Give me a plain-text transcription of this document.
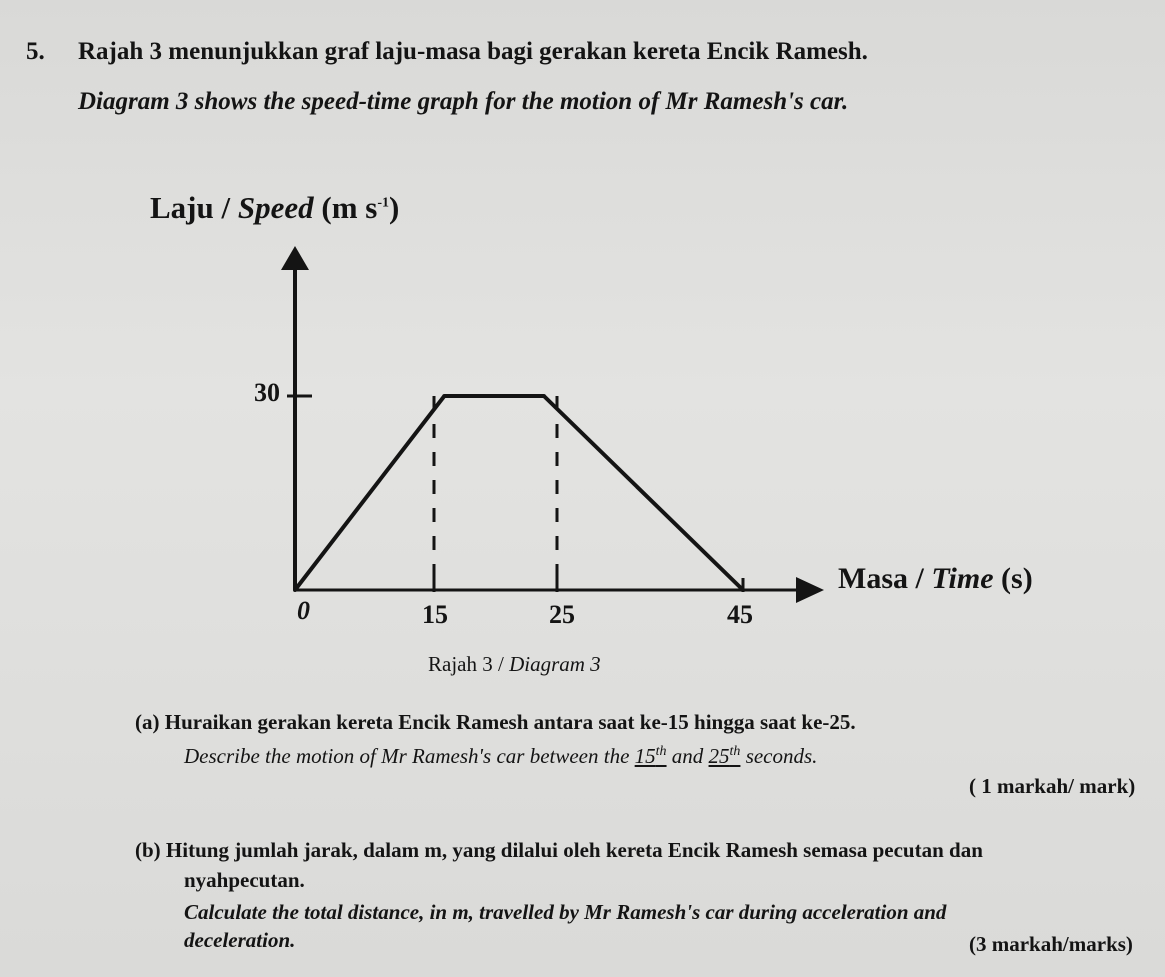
5. Rajah 3 menunjukkan graf laju-masa bagi gerakan kereta Encik Ramesh.
Diagram 3 shows the speed-time graph for the motion of Mr Ramesh's car.
Laju / Speed (m $s^{-1}$)
30
0	15	25	45
Masa / Time (s)
Rajah 3 / Diagram 3
(a) Huraikan gerakan kereta Encik Ramesh antara saat ke-15 hingga saat ke-25.
Describe the motion of Mr Ramesh's car between the 15th and 25th seconds.
( 1 markah/ mark)
(b) Hitung jumlah jarak, dalam m, yang dilalui oleh kereta Encik Ramesh semasa pecutan dan
nyahpecutan.
Calculate the total distance, in m, travelled by Mr Ramesh's car during acceleration and
deceleration.	(3 markah/marks)
